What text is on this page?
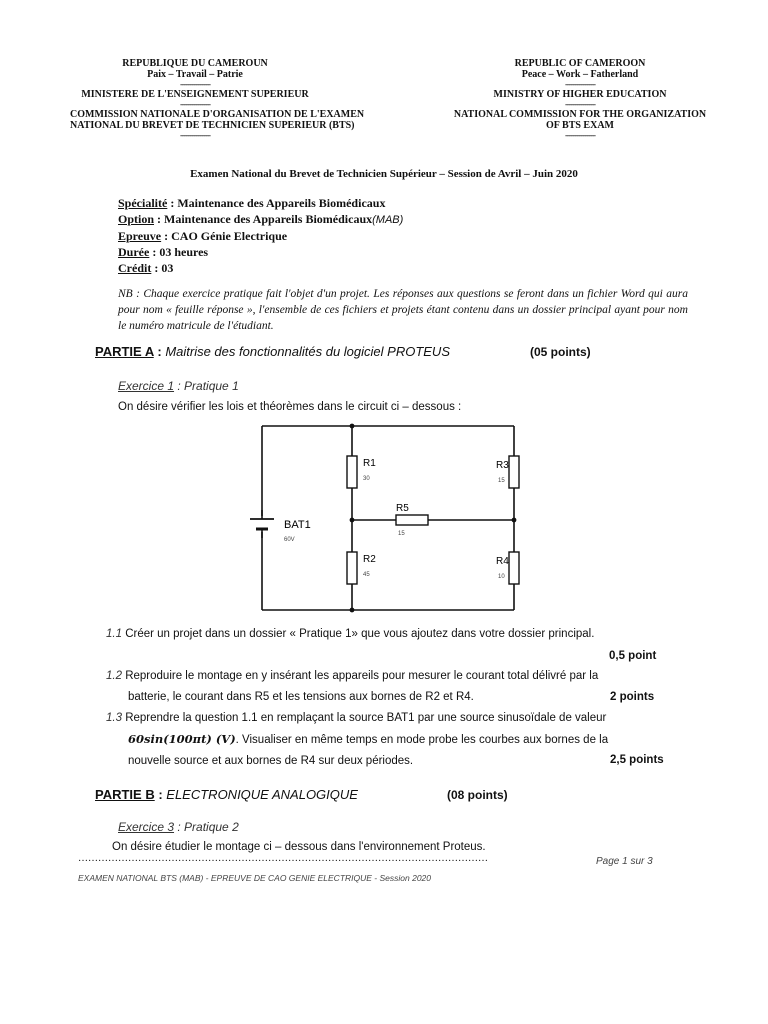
REPUBLIQUE DU CAMEROUN
Paix – Travail – Patrie
---------------
MINISTERE DE L'ENSEIGNEMENT SUPERIEUR
---------------
COMMISSION NATIONALE D'ORGANISATION DE L'EXAMEN
NATIONAL DU BREVET DE TECHNICIEN SUPERIEUR (BTS)
---------------
REPUBLIC OF CAMEROON
Peace – Work – Fatherland
---------------
MINISTRY OF HIGHER EDUCATION
---------------
NATIONAL COMMISSION FOR THE ORGANIZATION
OF BTS EXAM
---------------
Examen National du Brevet de Technicien Supérieur – Session de Avril – Juin 2020
Spécialité : Maintenance des Appareils Biomédicaux
Option : Maintenance des Appareils Biomédicaux(MAB)
Epreuve : CAO Génie Electrique
Durée : 03 heures
Crédit : 03
NB : Chaque exercice pratique fait l'objet d'un projet. Les réponses aux questions se feront dans un fichier Word qui aura pour nom « feuille réponse », l'ensemble de ces fichiers et projets étant contenu dans un dossier principal ayant pour nom le numéro matricule de l'étudiant.
PARTIE A : Maitrise des fonctionnalités du logiciel PROTEUS	(05 points)
Exercice 1 : Pratique 1
On désire vérifier les lois et théorèmes dans le circuit ci – dessous :
BAT1
60V
R1
30
R2
45
R3
15
R4
10
R5
15
1.1 Créer un projet dans un dossier « Pratique 1» que vous ajoutez dans votre dossier principal.
0,5 point
1.2 Reproduire le montage en y insérant les appareils pour mesurer le courant total délivré par la
batterie, le courant dans R5 et les tensions aux bornes de R2 et R4.	2 points
1.3 Reprendre la question 1.1 en remplaçant la source BAT1 par une source sinusoïdale de valeur
60sin(100πt) (V). Visualiser en même temps en mode probe les courbes aux bornes de la
nouvelle source et aux bornes de R4 sur deux périodes.	2,5 points
PARTIE B : ELECTRONIQUE ANALOGIQUE	(08 points)
Exercice 3 : Pratique 2
On désire étudier le montage ci – dessous dans l'environnement Proteus.
……………………………………………………………………………………………………………	Page 1 sur 3
EXAMEN NATIONAL BTS (MAB) - EPREUVE DE CAO GENIE ELECTRIQUE - Session 2020
